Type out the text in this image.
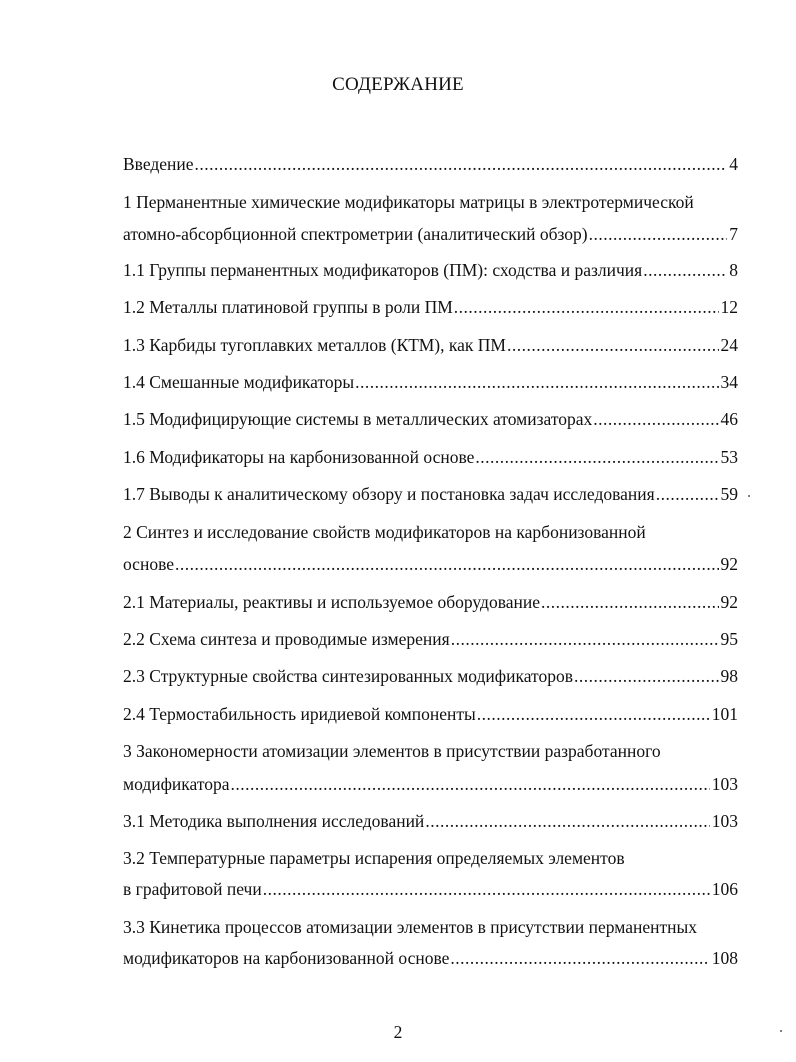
СОДЕРЖАНИЕ
Введение .....	4
1 Перманентные химические модификаторы матрицы в электротермической
атомно-абсорбционной спектрометрии (аналитический обзор) .....	7
1.1 Группы перманентных модификаторов (ПМ): сходства и различия .....	8
1.2 Металлы платиновой группы в роли ПМ .....	12
1.3 Карбиды тугоплавких металлов (КТМ), как ПМ .....	24
1.4 Смешанные модификаторы .....	34
1.5 Модифицирующие системы в металлических атомизаторах .....	46
1.6 Модификаторы на карбонизованной основе .....	53
1.7 Выводы к аналитическому обзору и постановка задач исследования .....	59
2 Синтез и исследование свойств модификаторов на карбонизованной
основе .....	92
2.1 Материалы, реактивы и используемое оборудование .....	92
2.2 Схема синтеза и проводимые измерения .....	95
2.3 Структурные свойства синтезированных модификаторов .....	98
2.4 Термостабильность иридиевой компоненты .....	101
3 Закономерности атомизации элементов в присутствии разработанного
модификатора .....	103
3.1 Методика выполнения исследований .....	103
3.2 Температурные параметры испарения определяемых элементов
в графитовой печи .....	106
3.3 Кинетика процессов атомизации элементов в присутствии перманентных
модификаторов на карбонизованной основе .....	108
2
